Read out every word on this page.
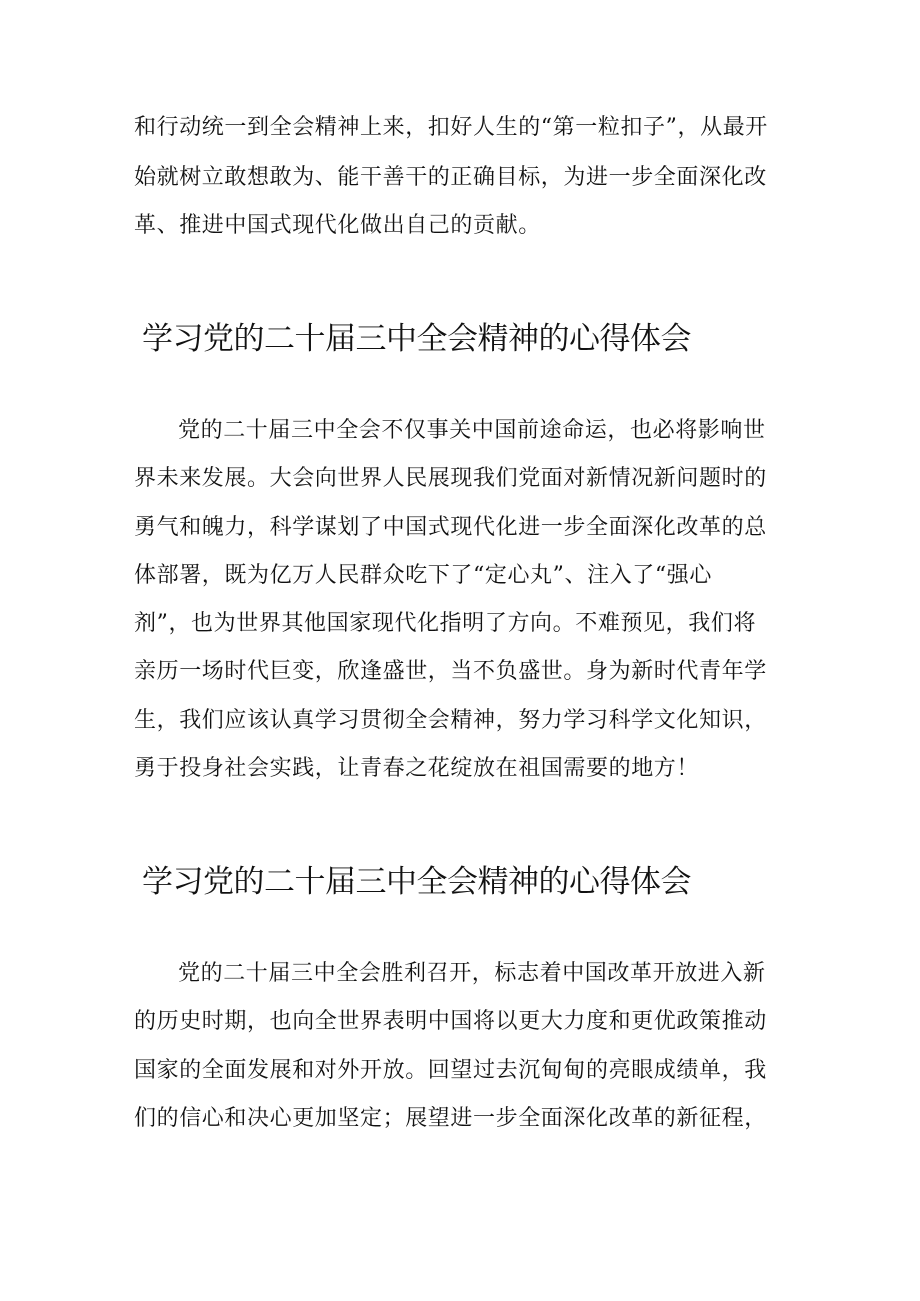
和行动统一到全会精神上来，扣好人生的“第一粒扣子”，从最开
始就树立敢想敢为、能干善干的正确目标，为进一步全面深化改
革、推进中国式现代化做出自己的贡献。
学习党的二十届三中全会精神的心得体会
党的二十届三中全会不仅事关中国前途命运，也必将影响世
界未来发展。大会向世界人民展现我们党面对新情况新问题时的
勇气和魄力，科学谋划了中国式现代化进一步全面深化改革的总
体部署，既为亿万人民群众吃下了“定心丸”、注入了“强心
剂”，也为世界其他国家现代化指明了方向。不难预见，我们将
亲历一场时代巨变，欣逢盛世，当不负盛世。身为新时代青年学
生，我们应该认真学习贯彻全会精神，努力学习科学文化知识，
勇于投身社会实践，让青春之花绽放在祖国需要的地方！
学习党的二十届三中全会精神的心得体会
党的二十届三中全会胜利召开，标志着中国改革开放进入新
的历史时期，也向全世界表明中国将以更大力度和更优政策推动
国家的全面发展和对外开放。回望过去沉甸甸的亮眼成绩单，我
们的信心和决心更加坚定；展望进一步全面深化改革的新征程，
